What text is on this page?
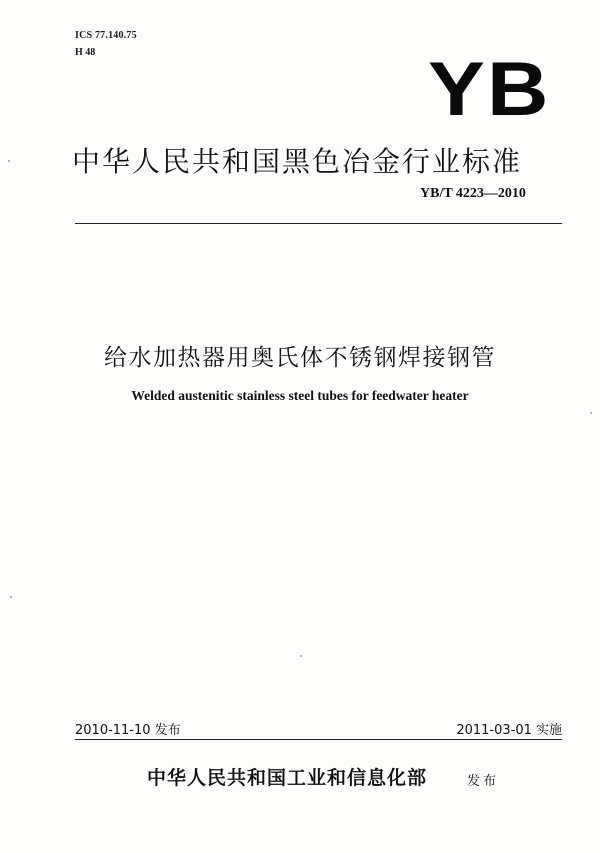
ICS 77.140.75
H 48	YB
中华人民共和国黑色冶金行业标准
YB/T 4223—2010
给水加热器用奥氏体不锈钢焊接钢管
Welded austenitic stainless steel tubes for feedwater heater
2010-11-10 发布	2011-03-01 实施
中华人民共和国工业和信息化部	发布
